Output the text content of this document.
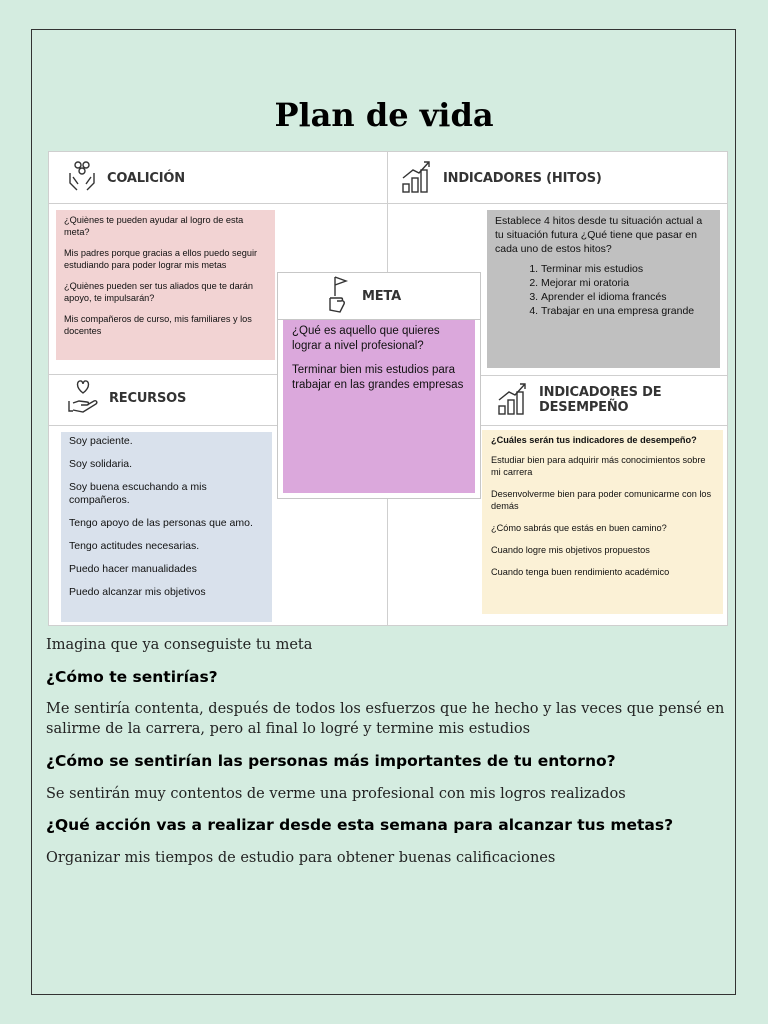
Plan de vida
COALICIÓN	INDICADORES (HITOS)

¿Quiènes te pueden ayudar al logro de esta meta?

Mis padres porque gracias a ellos puedo seguir estudiando para poder lograr mis metas

¿Quiènes pueden ser tus aliados que te darán apoyo, te impulsarán?

Mis compañeros de curso, mis familiares y los docentes

Establece 4 hitos desde tu situación actual a tu situación futura ¿Qué tiene que pasar en cada uno de estos hitos?
1. Terminar mis estudios
2. Mejorar mi oratoria
3. Aprender el idioma francés
4. Trabajar en una empresa grande
RECURSOS	INDICADORES DE DESEMPEÑO

Soy paciente.

Soy solidaria.

Soy buena escuchando a mis compañeros.

Tengo apoyo de las personas que amo.

Tengo actitudes necesarias.

Puedo hacer manualidades

Puedo alcanzar mis objetivos

¿Cuáles serán tus indicadores de desempeño?

Estudiar bien para adquirir más conocimientos sobre mi carrera

Desenvolverme bien para poder comunicarme con los demás

¿Cómo sabrás que estás en buen camino?

Cuando logre mis objetivos propuestos

Cuando tenga buen rendimiento académico

META

¿Qué es aquello que quieres lograr a nivel profesional?

Terminar bien mis estudios para trabajar en las grandes empresas

Imagina que ya conseguiste tu meta

¿Cómo te sentirías?

Me sentiría contenta, después de todos los esfuerzos que he hecho y las veces que pensé en salirme de la carrera, pero al final lo logré y termine mis estudios

¿Cómo se sentirían las personas más importantes de tu entorno?

Se sentirán muy contentos de verme una profesional con mis logros realizados

¿Qué acción vas a realizar desde esta semana para alcanzar tus metas?

Organizar mis tiempos de estudio para obtener buenas calificaciones
